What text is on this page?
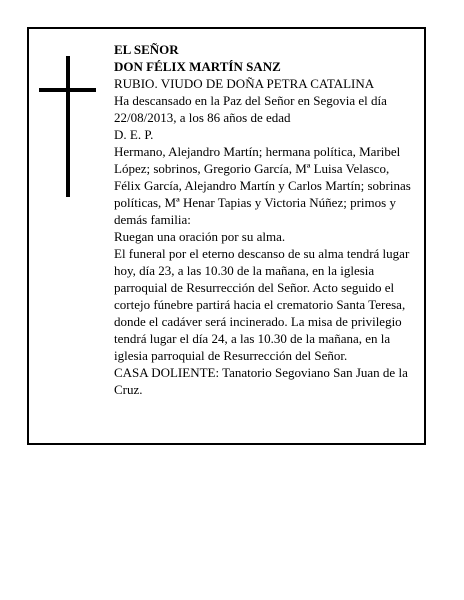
EL SEÑOR

DON FÉLIX MARTÍN SANZ

RUBIO. VIUDO DE DOÑA PETRA CATALINA

Ha descansado en la Paz del Señor en Segovia el día 22/08/2013, a los 86 años de edad

D. E. P.

Hermano, Alejandro Martín; hermana política, Maribel López; sobrinos, Gregorio García, Mª Luisa Velasco, Félix García, Alejandro Martín y Carlos Martín; sobrinas políticas, Mª Henar Tapias y Victoria Núñez; primos y demás familia:

Ruegan una oración por su alma.

El funeral por el eterno descanso de su alma tendrá lugar hoy, día 23, a las 10.30 de la mañana, en la iglesia parroquial de Resurrección del Señor. Acto seguido el cortejo fúnebre partirá hacia el crematorio Santa Teresa, donde el cadáver será incinerado. La misa de privilegio tendrá lugar el día 24, a las 10.30 de la mañana, en la iglesia parroquial de Resurrección del Señor.

CASA DOLIENTE: Tanatorio Segoviano San Juan de la Cruz.
